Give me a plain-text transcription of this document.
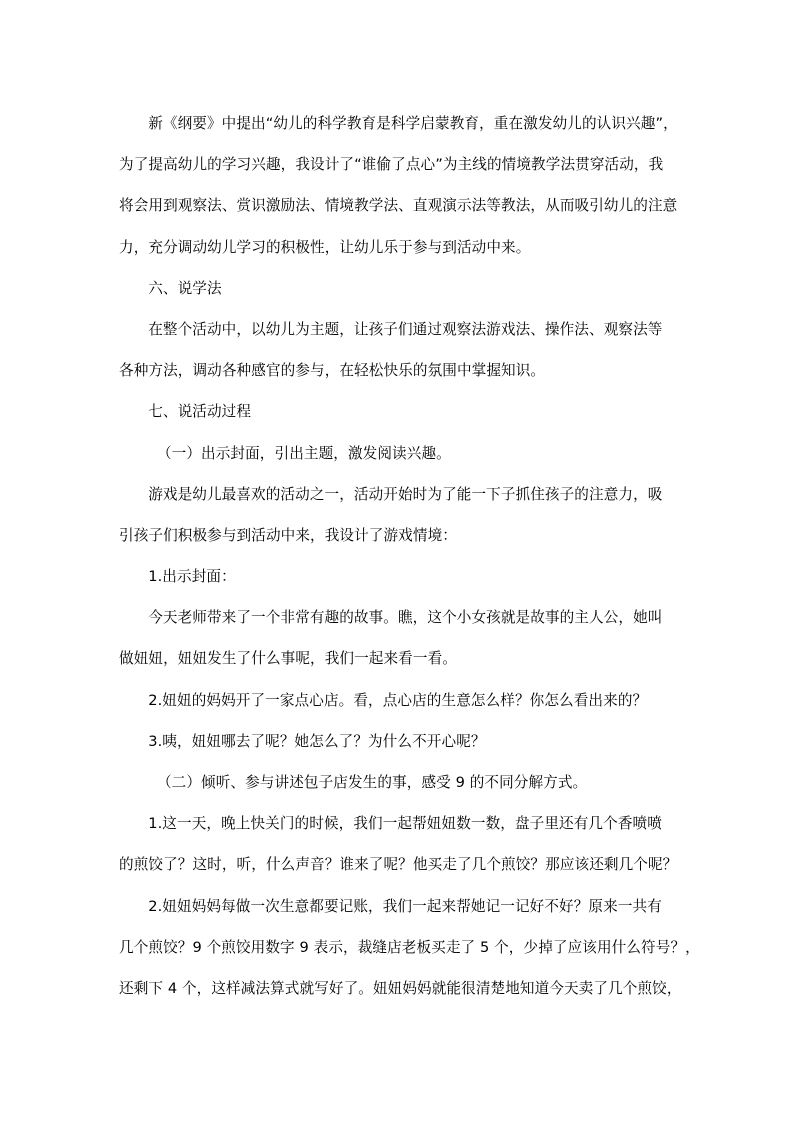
新《纲要》中提出“幼儿的科学教育是科学启蒙教育，重在激发幼儿的认识兴趣”，
为了提高幼儿的学习兴趣，我设计了“谁偷了点心”为主线的情境教学法贯穿活动，我
将会用到观察法、赏识激励法、情境教学法、直观演示法等教法，从而吸引幼儿的注意
力，充分调动幼儿学习的积极性，让幼儿乐于参与到活动中来。
六、说学法
在整个活动中，以幼儿为主题，让孩子们通过观察法游戏法、操作法、观察法等
各种方法，调动各种感官的参与，在轻松快乐的氛围中掌握知识。
七、说活动过程
（一）出示封面，引出主题，激发阅读兴趣。
游戏是幼儿最喜欢的活动之一，活动开始时为了能一下子抓住孩子的注意力，吸
引孩子们积极参与到活动中来，我设计了游戏情境：
1.出示封面：
今天老师带来了一个非常有趣的故事。瞧，这个小女孩就是故事的主人公，她叫
做妞妞，妞妞发生了什么事呢，我们一起来看一看。
2.妞妞的妈妈开了一家点心店。看，点心店的生意怎么样？你怎么看出来的？
3.咦，妞妞哪去了呢？她怎么了？为什么不开心呢？
（二）倾听、参与讲述包子店发生的事，感受 9 的不同分解方式。
1.这一天，晚上快关门的时候，我们一起帮妞妞数一数，盘子里还有几个香喷喷
的煎饺了？这时，听，什么声音？谁来了呢？他买走了几个煎饺？那应该还剩几个呢？
2.妞妞妈妈每做一次生意都要记账，我们一起来帮她记一记好不好？原来一共有
几个煎饺？9 个煎饺用数字 9 表示，裁缝店老板买走了 5 个，少掉了应该用什么符号？，
还剩下 4 个，这样减法算式就写好了。妞妞妈妈就能很清楚地知道今天卖了几个煎饺，
